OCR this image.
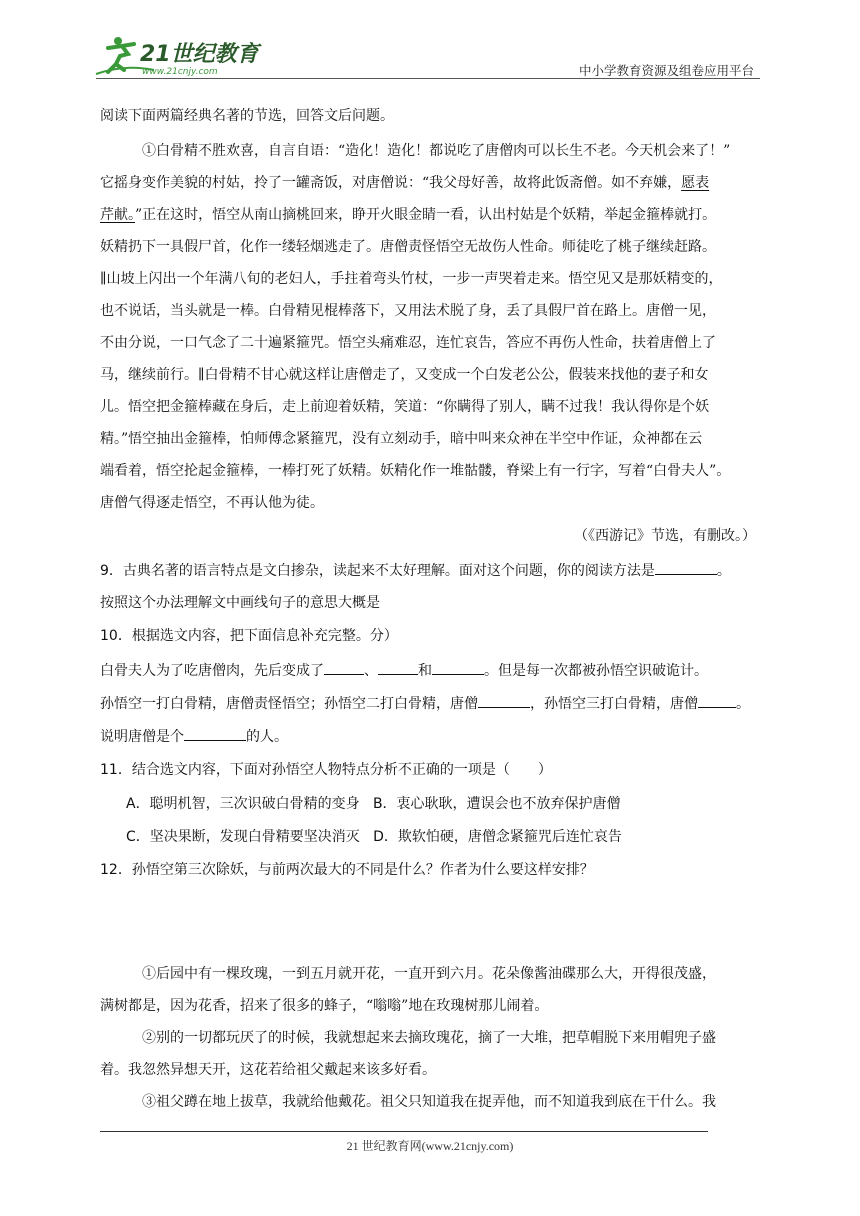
21世纪教育
www.21cnjy.com	中小学教育资源及组卷应用平台
阅读下面两篇经典名著的节选，回答文后问题。
①白骨精不胜欢喜，自言自语：“造化！造化！都说吃了唐僧肉可以长生不老。今天机会来了！”
它摇身变作美貌的村姑，拎了一罐斋饭，对唐僧说：“我父母好善，故将此饭斋僧。如不弃嫌，愿表
芹献。”正在这时，悟空从南山摘桃回来，睁开火眼金睛一看，认出村姑是个妖精，举起金箍棒就打。
妖精扔下一具假尸首，化作一缕轻烟逃走了。唐僧责怪悟空无故伤人性命。师徒吃了桃子继续赶路。
∥山坡上闪出一个年满八旬的老妇人，手拄着弯头竹杖，一步一声哭着走来。悟空见又是那妖精变的，
也不说话，当头就是一棒。白骨精见棍棒落下，又用法术脱了身，丢了具假尸首在路上。唐僧一见，
不由分说，一口气念了二十遍紧箍咒。悟空头痛难忍，连忙哀告，答应不再伤人性命，扶着唐僧上了
马，继续前行。∥白骨精不甘心就这样让唐僧走了，又变成一个白发老公公，假装来找他的妻子和女
儿。悟空把金箍棒藏在身后，走上前迎着妖精，笑道：“你瞒得了别人，瞒不过我！我认得你是个妖
精。”悟空抽出金箍棒，怕师傅念紧箍咒，没有立刻动手，暗中叫来众神在半空中作证，众神都在云
端看着，悟空抡起金箍棒，一棒打死了妖精。妖精化作一堆骷髅，脊梁上有一行字，写着“白骨夫人”。
唐僧气得逐走悟空，不再认他为徒。
（《西游记》节选，有删改。）
9．古典名著的语言特点是文白掺杂，读起来不太好理解。面对这个问题，你的阅读方法是	。
按照这个办法理解文中画线句子的意思大概是
10．根据选文内容，把下面信息补充完整。分）
白骨夫人为了吃唐僧肉，先后变成了	、	和	。但是每一次都被孙悟空识破诡计。
孙悟空一打白骨精，唐僧责怪悟空；孙悟空二打白骨精，唐僧	，孙悟空三打白骨精，唐僧	。
说明唐僧是个	的人。
11．结合选文内容，下面对孙悟空人物特点分析不正确的一项是（　　）
A．聪明机智，三次识破白骨精的变身 B．衷心耿耿，遭误会也不放弃保护唐僧
C．坚决果断，发现白骨精要坚决消灭 D．欺软怕硬，唐僧念紧箍咒后连忙哀告
12．孙悟空第三次除妖，与前两次最大的不同是什么？作者为什么要这样安排？
①后园中有一棵玫瑰，一到五月就开花，一直开到六月。花朵像酱油碟那么大，开得很茂盛，
满树都是，因为花香，招来了很多的蜂子，“嗡嗡”地在玫瑰树那儿闹着。
②别的一切都玩厌了的时候，我就想起来去摘玫瑰花，摘了一大堆，把草帽脱下来用帽兜子盛
着。我忽然异想天开，这花若给祖父戴起来该多好看。
③祖父蹲在地上拔草，我就给他戴花。祖父只知道我在捉弄他，而不知道我到底在干什么。我
21 世纪教育网(www.21cnjy.com)
